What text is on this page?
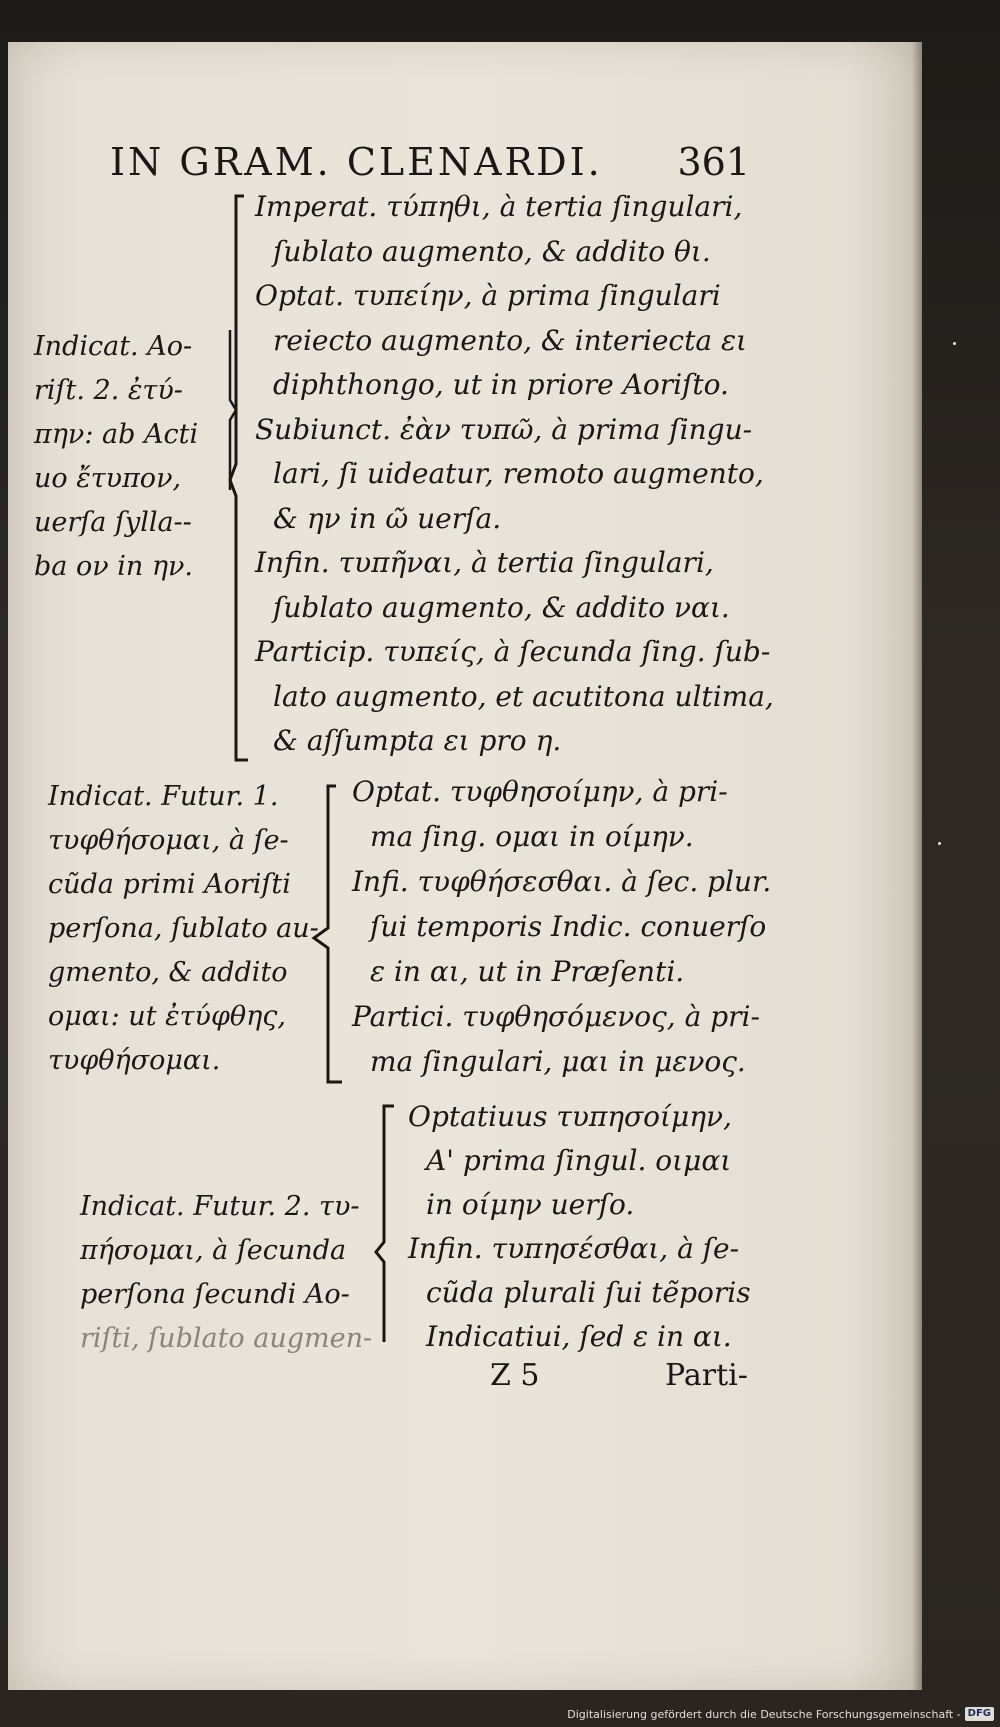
IN GRAM. CLENARDI. 361
Indicat. Ao-
riſt. 2. ἐτύ-
πην: ab Acti
uo ἔτυπον,
uerſa ſylla--
ba ον in ην.
Imperat. τύπηθι, à tertia ſingulari,
ſublato augmento, & addito θι.
Optat. τυπείην, à prima ſingulari
reiecto augmento, & interiecta ει
diphthongo, ut in priore Aoriſto.
Subiunct. ἐὰν τυπῶ, à prima ſingu-
lari, ſi uideatur, remoto augmento,
& ην in ῶ uerſa.
Infin. τυπῆναι, à tertia ſingulari,
ſublato augmento, & addito ναι.
Particip. τυπείς, à ſecunda ſing. ſub-
lato augmento, et acutitona ultima,
& aſſumpta ει pro η.
Indicat. Futur. 1.
τυφθήσομαι, à ſe-
cũda primi Aoriſti
perſona, ſublato au-
gmento, & addito
ομαι: ut ἐτύφθης,
τυφθήσομαι.
Optat. τυφθησοίμην, à pri-
ma ſing. ομαι in οίμην.
Infi. τυφθήσεσθαι. à ſec. plur.
ſui temporis Indic. conuerſo
ε in αι, ut in Præſenti.
Partici. τυφθησόμενος, à pri-
ma ſingulari, μαι in μενος.
Indicat. Futur. 2. τυ-
πήσομαι, à ſecunda
perſona ſecundi Ao-
riſti, ſublato augmen-
Optatiuus τυπησοίμην,
A' prima ſingul. οιμαι
in οίμην uerſo.
Infin. τυπησέσθαι, à ſe-
cũda plurali ſui tẽporis
Indicatiui, ſed ε in αι.
Z 5	Parti-
Digitalisierung gefördert durch die Deutsche Forschungsgemeinschaft - DFG
